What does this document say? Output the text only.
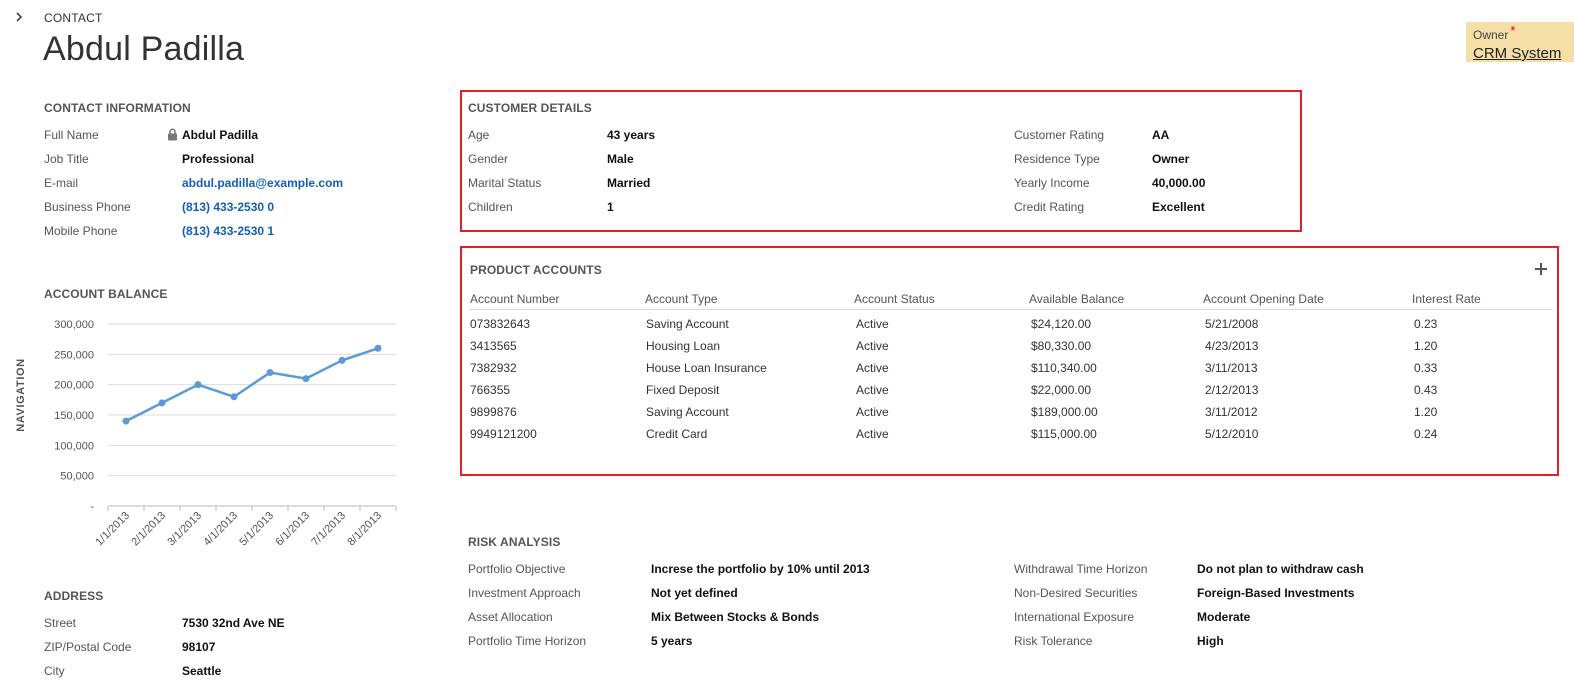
NAVIGATION
CONTACT
Abdul Padilla	Owner *
CRM System
CONTACT INFORMATION
Full Name	Abdul Padilla
Job Title	Professional
E-mail	abdul.padilla@example.com
Business Phone	(813) 433-2530 0
Mobile Phone	(813) 433-2530 1
ACCOUNT BALANCE
300,000
250,000
200,000
150,000
100,000
50,000
-
1/1/2013
2/1/2013
3/1/2013
4/1/2013
5/1/2013
6/1/2013
7/1/2013
8/1/2013
ADDRESS
Street	7530 32nd Ave NE
ZIP/Postal Code	98107
City	Seattle
CUSTOMER DETAILS
Age	43 years
Gender	Male
Marital Status	Married
Children	1
Customer Rating	AA
Residence Type	Owner
Yearly Income	40,000.00
Credit Rating	Excellent
PRODUCT ACCOUNTS
Account Number	Account Type	Account Status	Available Balance	Account Opening Date	Interest Rate
073832643	Saving Account	Active	$24,120.00	5/21/2008	0.23
3413565	Housing Loan	Active	$80,330.00	4/23/2013	1.20
7382932	House Loan Insurance	Active	$110,340.00	3/11/2013	0.33
766355	Fixed Deposit	Active	$22,000.00	2/12/2013	0.43
9899876	Saving Account	Active	$189,000.00	3/11/2012	1.20
9949121200	Credit Card	Active	$115,000.00	5/12/2010	0.24
RISK ANALYSIS
Portfolio Objective	Increse the portfolio by 10% until 2013
Investment Approach	Not yet defined
Asset Allocation	Mix Between Stocks & Bonds
Portfolio Time Horizon	5 years
Withdrawal Time Horizon	Do not plan to withdraw cash
Non-Desired Securities	Foreign-Based Investments
International Exposure	Moderate
Risk Tolerance	High
